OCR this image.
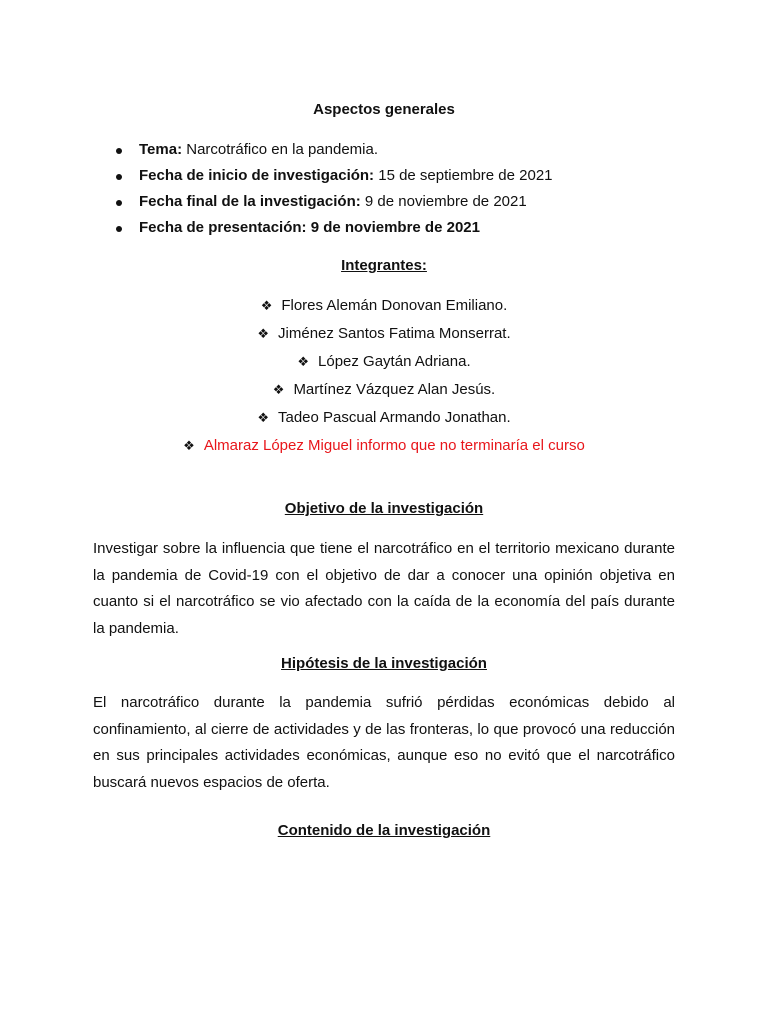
Aspectos generales
Tema: Narcotráfico en la pandemia.
Fecha de inicio de investigación: 15 de septiembre de 2021
Fecha final de la investigación: 9 de noviembre de 2021
Fecha de presentación: 9 de noviembre de 2021
Integrantes:
❖ Flores Alemán Donovan Emiliano.
❖ Jiménez Santos Fatima Monserrat.
❖ López Gaytán Adriana.
❖ Martínez Vázquez Alan Jesús.
❖ Tadeo Pascual Armando Jonathan.
❖ Almaraz López Miguel informo que no terminaría el curso
Objetivo de la investigación

Investigar sobre la influencia que tiene el narcotráfico en el territorio mexicano durante la pandemia de Covid-19 con el objetivo de dar a conocer una opinión objetiva en cuanto si el narcotráfico se vio afectado con la caída de la economía del país durante la pandemia.

Hipótesis de la investigación

El narcotráfico durante la pandemia sufrió pérdidas económicas debido al confinamiento, al cierre de actividades y de las fronteras, lo que provocó una reducción en sus principales actividades económicas, aunque eso no evitó que el narcotráfico buscará nuevos espacios de oferta.

Contenido de la investigación
